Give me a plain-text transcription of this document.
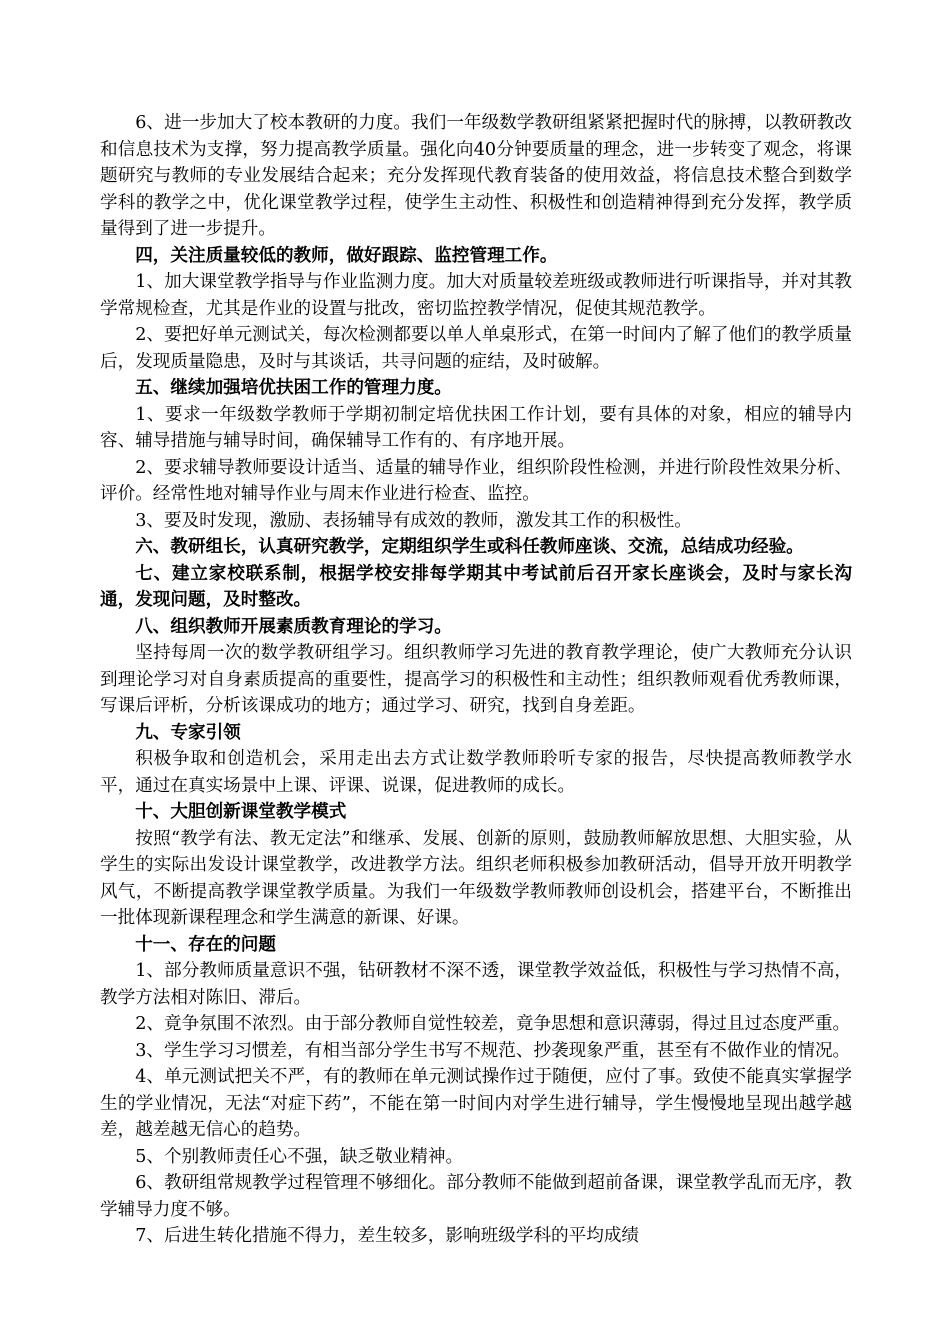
6、进一步加大了校本教研的力度。我们一年级数学教研组紧紧把握时代的脉搏，以教研教改和信息技术为支撑，努力提高教学质量。强化向40分钟要质量的理念，进一步转变了观念，将课题研究与教师的专业发展结合起来；充分发挥现代教育装备的使用效益，将信息技术整合到数学学科的教学之中，优化课堂教学过程，使学生主动性、积极性和创造精神得到充分发挥，教学质量得到了进一步提升。

四，关注质量较低的教师，做好跟踪、监控管理工作。

1、加大课堂教学指导与作业监测力度。加大对质量较差班级或教师进行听课指导，并对其教学常规检查，尤其是作业的设置与批改，密切监控教学情况，促使其规范教学。

2、要把好单元测试关，每次检测都要以单人单桌形式，在第一时间内了解了他们的教学质量后，发现质量隐患，及时与其谈话，共寻问题的症结，及时破解。

五、继续加强培优扶困工作的管理力度。

1、要求一年级数学教师于学期初制定培优扶困工作计划，要有具体的对象，相应的辅导内容、辅导措施与辅导时间，确保辅导工作有的、有序地开展。

2、要求辅导教师要设计适当、适量的辅导作业，组织阶段性检测，并进行阶段性效果分析、评价。经常性地对辅导作业与周末作业进行检查、监控。

3、要及时发现，激励、表扬辅导有成效的教师，激发其工作的积极性。

六、教研组长，认真研究教学，定期组织学生或科任教师座谈、交流，总结成功经验。

七、建立家校联系制，根据学校安排每学期其中考试前后召开家长座谈会，及时与家长沟通，发现问题，及时整改。

八、组织教师开展素质教育理论的学习。

坚持每周一次的数学教研组学习。组织教师学习先进的教育教学理论，使广大教师充分认识到理论学习对自身素质提高的重要性，提高学习的积极性和主动性；组织教师观看优秀教师课，写课后评析，分析该课成功的地方；通过学习、研究，找到自身差距。

九、专家引领

积极争取和创造机会，采用走出去方式让数学教师聆听专家的报告，尽快提高教师教学水平，通过在真实场景中上课、评课、说课，促进教师的成长。

十、大胆创新课堂教学模式

按照“教学有法、教无定法”和继承、发展、创新的原则，鼓励教师解放思想、大胆实验，从学生的实际出发设计课堂教学，改进教学方法。组织老师积极参加教研活动，倡导开放开明教学风气，不断提高教学课堂教学质量。为我们一年级数学教师教师创设机会，搭建平台，不断推出一批体现新课程理念和学生满意的新课、好课。

十一、存在的问题

1、部分教师质量意识不强，钻研教材不深不透，课堂教学效益低，积极性与学习热情不高，教学方法相对陈旧、滞后。

2、竟争氛围不浓烈。由于部分教师自觉性较差，竟争思想和意识薄弱，得过且过态度严重。

3、学生学习习惯差，有相当部分学生书写不规范、抄袭现象严重，甚至有不做作业的情况。

4、单元测试把关不严，有的教师在单元测试操作过于随便，应付了事。致使不能真实掌握学生的学业情况，无法“对症下药”，不能在第一时间内对学生进行辅导，学生慢慢地呈现出越学越差，越差越无信心的趋势。

5、个别教师责任心不强，缺乏敬业精神。

6、教研组常规教学过程管理不够细化。部分教师不能做到超前备课，课堂教学乱而无序，教学辅导力度不够。

7、后进生转化措施不得力，差生较多，影响班级学科的平均成绩
